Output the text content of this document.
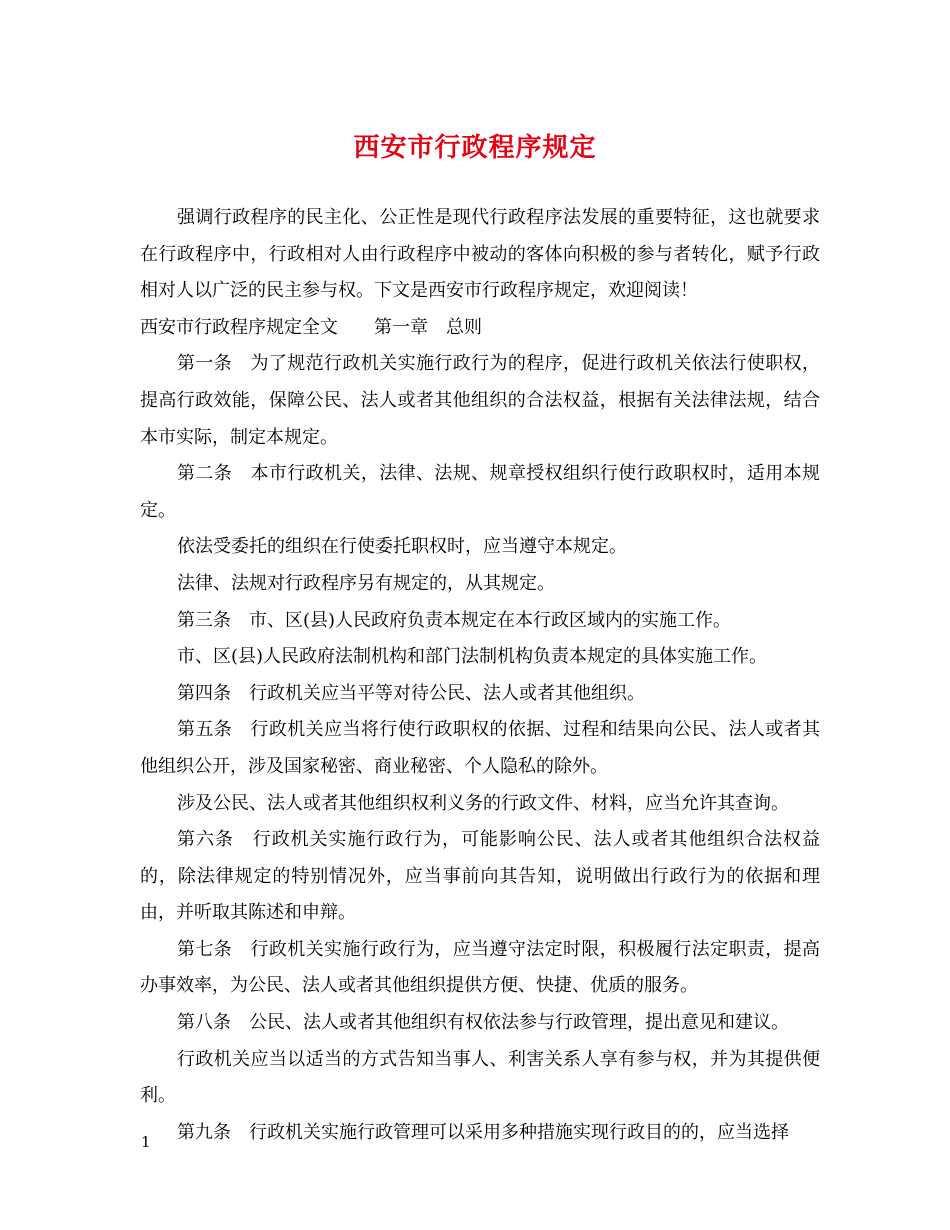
西安市行政程序规定

强调行政程序的民主化、公正性是现代行政程序法发展的重要特征，这也就要求在行政程序中，行政相对人由行政程序中被动的客体向积极的参与者转化，赋予行政相对人以广泛的民主参与权。下文是西安市行政程序规定，欢迎阅读！

西安市行政程序规定全文　　第一章　总则

第一条　为了规范行政机关实施行政行为的程序，促进行政机关依法行使职权，提高行政效能，保障公民、法人或者其他组织的合法权益，根据有关法律法规，结合本市实际，制定本规定。

第二条　本市行政机关，法律、法规、规章授权组织行使行政职权时，适用本规定。

依法受委托的组织在行使委托职权时，应当遵守本规定。

法律、法规对行政程序另有规定的，从其规定。

第三条　市、区(县)人民政府负责本规定在本行政区域内的实施工作。

市、区(县)人民政府法制机构和部门法制机构负责本规定的具体实施工作。

第四条　行政机关应当平等对待公民、法人或者其他组织。

第五条　行政机关应当将行使行政职权的依据、过程和结果向公民、法人或者其他组织公开，涉及国家秘密、商业秘密、个人隐私的除外。

涉及公民、法人或者其他组织权利义务的行政文件、材料，应当允许其查询。

第六条　行政机关实施行政行为，可能影响公民、法人或者其他组织合法权益的，除法律规定的特别情况外，应当事前向其告知，说明做出行政行为的依据和理由，并听取其陈述和申辩。

第七条　行政机关实施行政行为，应当遵守法定时限，积极履行法定职责，提高办事效率，为公民、法人或者其他组织提供方便、快捷、优质的服务。

第八条　公民、法人或者其他组织有权依法参与行政管理，提出意见和建议。

行政机关应当以适当的方式告知当事人、利害关系人享有参与权，并为其提供便利。

第九条　行政机关实施行政管理可以采用多种措施实现行政目的的，应当选择

1
